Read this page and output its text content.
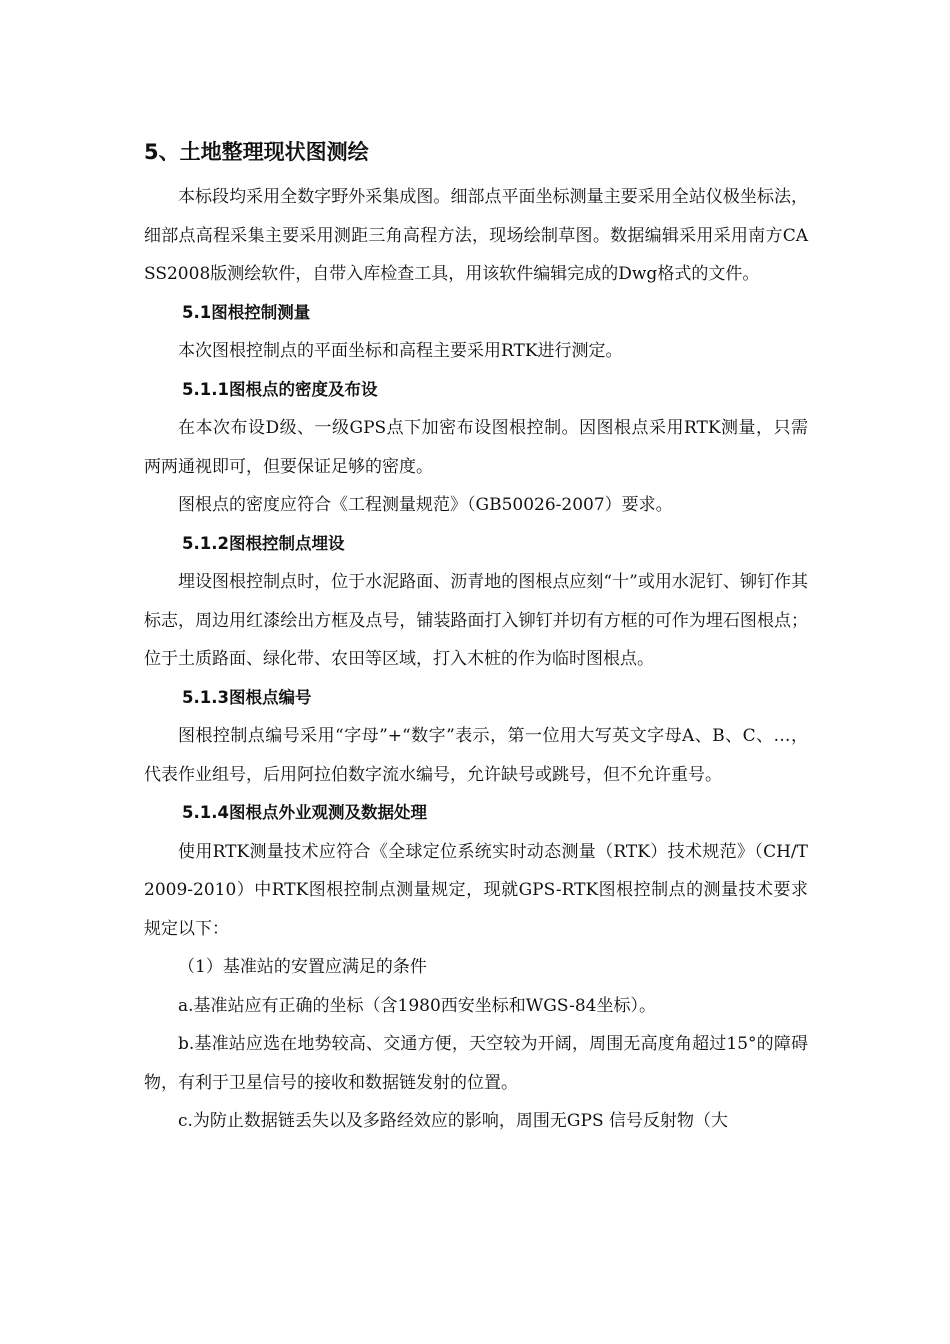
5、土地整理现状图测绘

本标段均采用全数字野外采集成图。细部点平面坐标测量主要采用全站仪极坐标法，细部点高程采集主要采用测距三角高程方法，现场绘制草图。数据编辑采用采用南方CASS2008版测绘软件，自带入库检查工具，用该软件编辑完成的Dwg格式的文件。

5.1图根控制测量

本次图根控制点的平面坐标和高程主要采用RTK进行测定。

5.1.1图根点的密度及布设

在本次布设D级、一级GPS点下加密布设图根控制。因图根点采用RTK测量，只需两两通视即可，但要保证足够的密度。

图根点的密度应符合《工程测量规范》（GB50026-2007）要求。

5.1.2图根控制点埋设

埋设图根控制点时，位于水泥路面、沥青地的图根点应刻“十”或用水泥钉、铆钉作其标志，周边用红漆绘出方框及点号，铺装路面打入铆钉并切有方框的可作为埋石图根点；位于土质路面、绿化带、农田等区域，打入木桩的作为临时图根点。

5.1.3图根点编号

图根控制点编号采用“字母”+“数字”表示，第一位用大写英文字母A、B、C、…，代表作业组号，后用阿拉伯数字流水编号，允许缺号或跳号，但不允许重号。

5.1.4图根点外业观测及数据处理

使用RTK测量技术应符合《全球定位系统实时动态测量（RTK）技术规范》（CH/T 2009-2010）中RTK图根控制点测量规定，现就GPS-RTK图根控制点的测量技术要求规定以下：

（1）基准站的安置应满足的条件

a.基准站应有正确的坐标（含1980西安坐标和WGS-84坐标）。

b.基准站应选在地势较高、交通方便，天空较为开阔，周围无高度角超过15°的障碍物，有利于卫星信号的接收和数据链发射的位置。

c.为防止数据链丢失以及多路经效应的影响，周围无GPS 信号反射物（大
